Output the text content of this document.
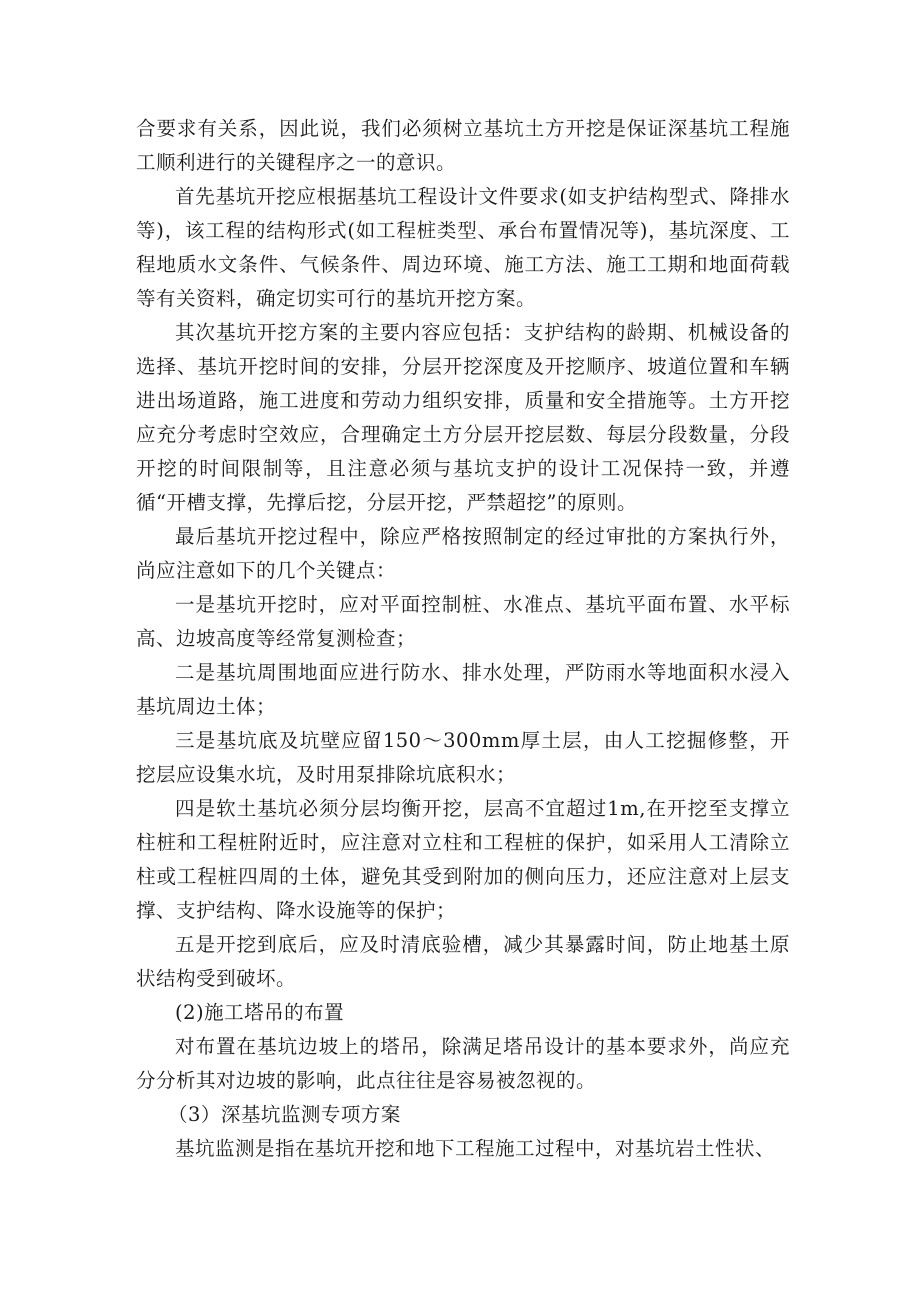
合要求有关系，因此说，我们必须树立基坑土方开挖是保证深基坑工程施工顺利进行的关键程序之一的意识。

首先基坑开挖应根据基坑工程设计文件要求(如支护结构型式、降排水等)，该工程的结构形式(如工程桩类型、承台布置情况等)，基坑深度、工程地质水文条件、气候条件、周边环境、施工方法、施工工期和地面荷载等有关资料，确定切实可行的基坑开挖方案。

其次基坑开挖方案的主要内容应包括：支护结构的龄期、机械设备的选择、基坑开挖时间的安排，分层开挖深度及开挖顺序、坡道位置和车辆进出场道路，施工进度和劳动力组织安排，质量和安全措施等。土方开挖应充分考虑时空效应，合理确定土方分层开挖层数、每层分段数量，分段开挖的时间限制等，且注意必须与基坑支护的设计工况保持一致，并遵循“开槽支撑，先撑后挖，分层开挖，严禁超挖”的原则。

最后基坑开挖过程中，除应严格按照制定的经过审批的方案执行外，尚应注意如下的几个关键点：

一是基坑开挖时，应对平面控制桩、水准点、基坑平面布置、水平标高、边坡高度等经常复测检查；

二是基坑周围地面应进行防水、排水处理，严防雨水等地面积水浸入基坑周边土体；

三是基坑底及坑壁应留150～300mm厚土层，由人工挖掘修整，开挖层应设集水坑，及时用泵排除坑底积水；

四是软土基坑必须分层均衡开挖，层高不宜超过1m,在开挖至支撑立柱桩和工程桩附近时，应注意对立柱和工程桩的保护，如采用人工清除立柱或工程桩四周的土体，避免其受到附加的侧向压力，还应注意对上层支撑、支护结构、降水设施等的保护；

五是开挖到底后，应及时清底验槽，减少其暴露时间，防止地基土原状结构受到破坏。

(2)施工塔吊的布置

对布置在基坑边坡上的塔吊，除满足塔吊设计的基本要求外，尚应充分分析其对边坡的影响，此点往往是容易被忽视的。

（3）深基坑监测专项方案

基坑监测是指在基坑开挖和地下工程施工过程中，对基坑岩土性状、
